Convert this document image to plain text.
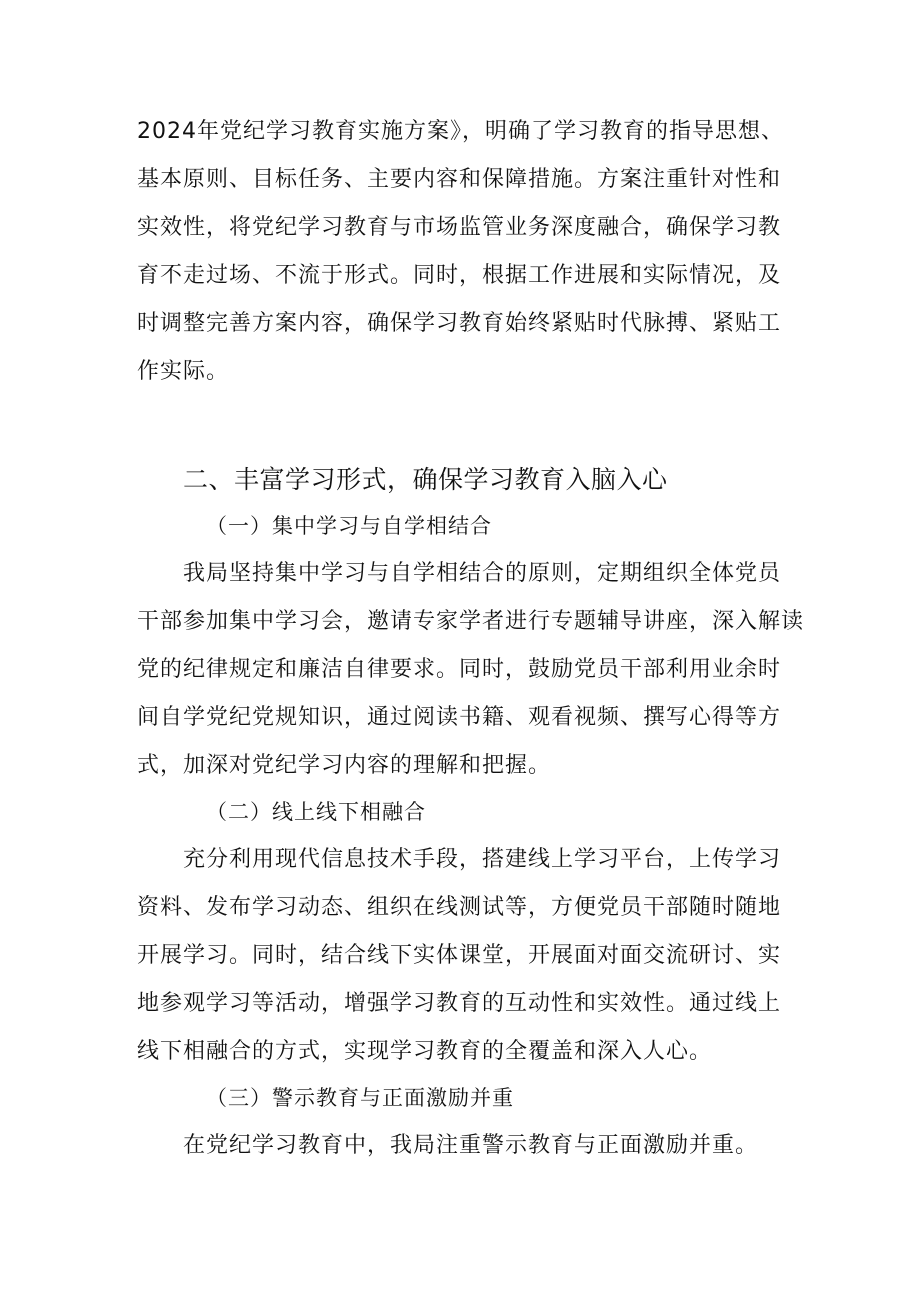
2024年党纪学习教育实施方案》，明确了学习教育的指导思想、
基本原则、目标任务、主要内容和保障措施。方案注重针对性和
实效性，将党纪学习教育与市场监管业务深度融合，确保学习教
育不走过场、不流于形式。同时，根据工作进展和实际情况，及
时调整完善方案内容，确保学习教育始终紧贴时代脉搏、紧贴工
作实际。
二、丰富学习形式，确保学习教育入脑入心
（一）集中学习与自学相结合
我局坚持集中学习与自学相结合的原则，定期组织全体党员
干部参加集中学习会，邀请专家学者进行专题辅导讲座，深入解读
党的纪律规定和廉洁自律要求。同时，鼓励党员干部利用业余时
间自学党纪党规知识，通过阅读书籍、观看视频、撰写心得等方
式，加深对党纪学习内容的理解和把握。
（二）线上线下相融合
充分利用现代信息技术手段，搭建线上学习平台，上传学习
资料、发布学习动态、组织在线测试等，方便党员干部随时随地
开展学习。同时，结合线下实体课堂，开展面对面交流研讨、实
地参观学习等活动，增强学习教育的互动性和实效性。通过线上
线下相融合的方式，实现学习教育的全覆盖和深入人心。
（三）警示教育与正面激励并重
在党纪学习教育中，我局注重警示教育与正面激励并重。
